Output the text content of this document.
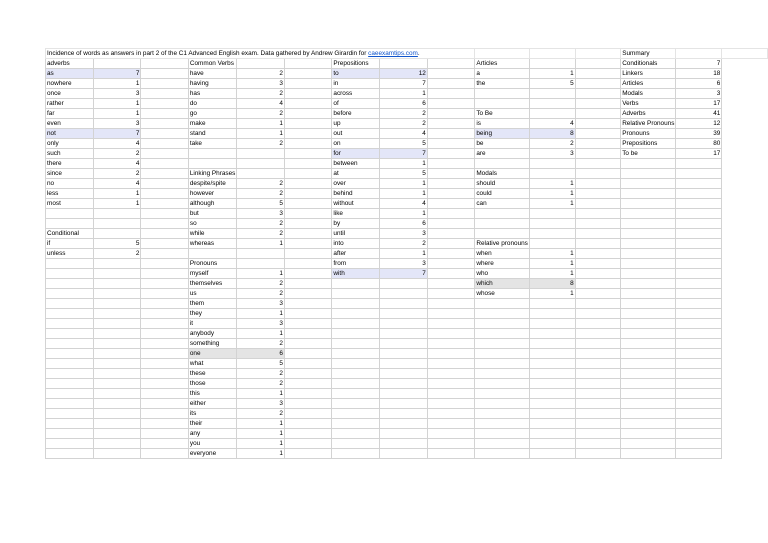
Incidence of words as answers in part 2 of the C1 Advanced English exam. Data gathered by Andrew Girardin for caeexamtips.com.												Summary		
adverbs			Common Verbs			Prepositions			Articles			Conditionals	7	
as	7		have	2		to	12		a	1		Linkers	18	
nowhere	1		having	3		in	7		the	5		Articles	6	
once	3		has	2		across	1					Modals	3	
rather	1		do	4		of	6					Verbs	17	
far	1		go	2		before	2		To Be			Adverbs	41	
even	3		make	1		up	2		is	4		Relative Pronouns	12	
not	7		stand	1		out	4		being	8		Pronouns	39	
only	4		take	2		on	5		be	2		Prepositions	80	
such	2					for	7		are	3		To be	17	
there	4					between	1							
since	2		Linking Phrases			at	5		Modals					
no	4		despite/spite	2		over	1		should	1				
less	1		however	2		behind	1		could	1				
most	1		although	5		without	4		can	1				
			but	3		like	1							
			so	2		by	6							
Conditional			while	2		until	3							
if	5		whereas	1		into	2		Relative pronouns					
unless	2					after	1		when	1				
			Pronouns			from	3		where	1				
			myself	1		with	7		who	1				
			themselves	2					which	8				
			us	2					whose	1				
			them	3										
			they	1										
			it	3										
			anybody	1										
			something	2										
			one	6										
			what	5										
			these	2										
			those	2										
			this	1										
			either	3										
			its	2										
			their	1										
			any	1										
			you	1										
			everyone	1										
